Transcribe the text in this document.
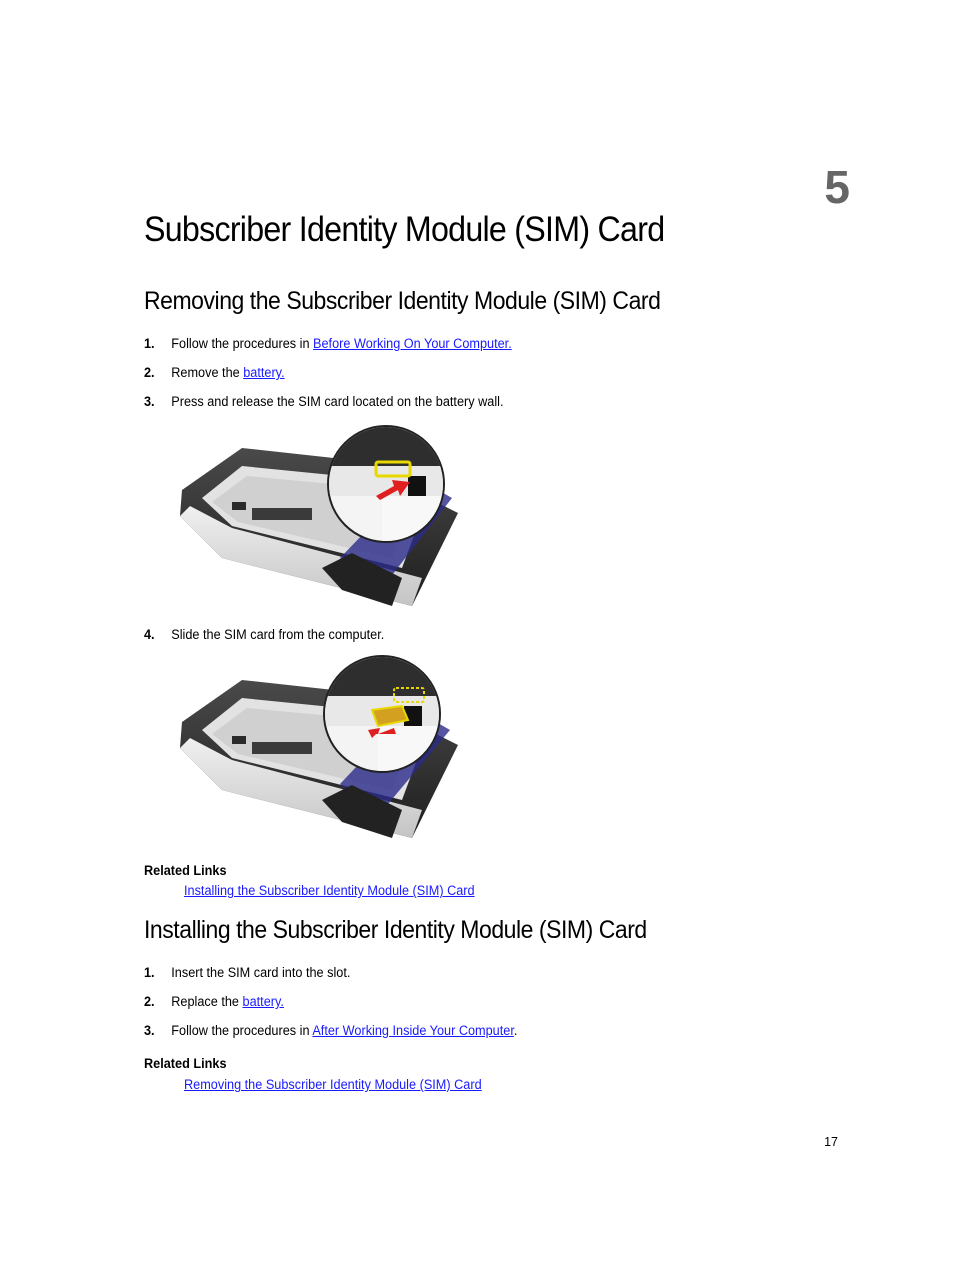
5
Subscriber Identity Module (SIM) Card
Removing the Subscriber Identity Module (SIM) Card
1. Follow the procedures in Before Working On Your Computer.
2. Remove the battery.
3. Press and release the SIM card located on the battery wall.
4. Slide the SIM card from the computer.
Related Links
Installing the Subscriber Identity Module (SIM) Card
Installing the Subscriber Identity Module (SIM) Card
1. Insert the SIM card into the slot.
2. Replace the battery.
3. Follow the procedures in After Working Inside Your Computer.
Related Links
Removing the Subscriber Identity Module (SIM) Card
17
